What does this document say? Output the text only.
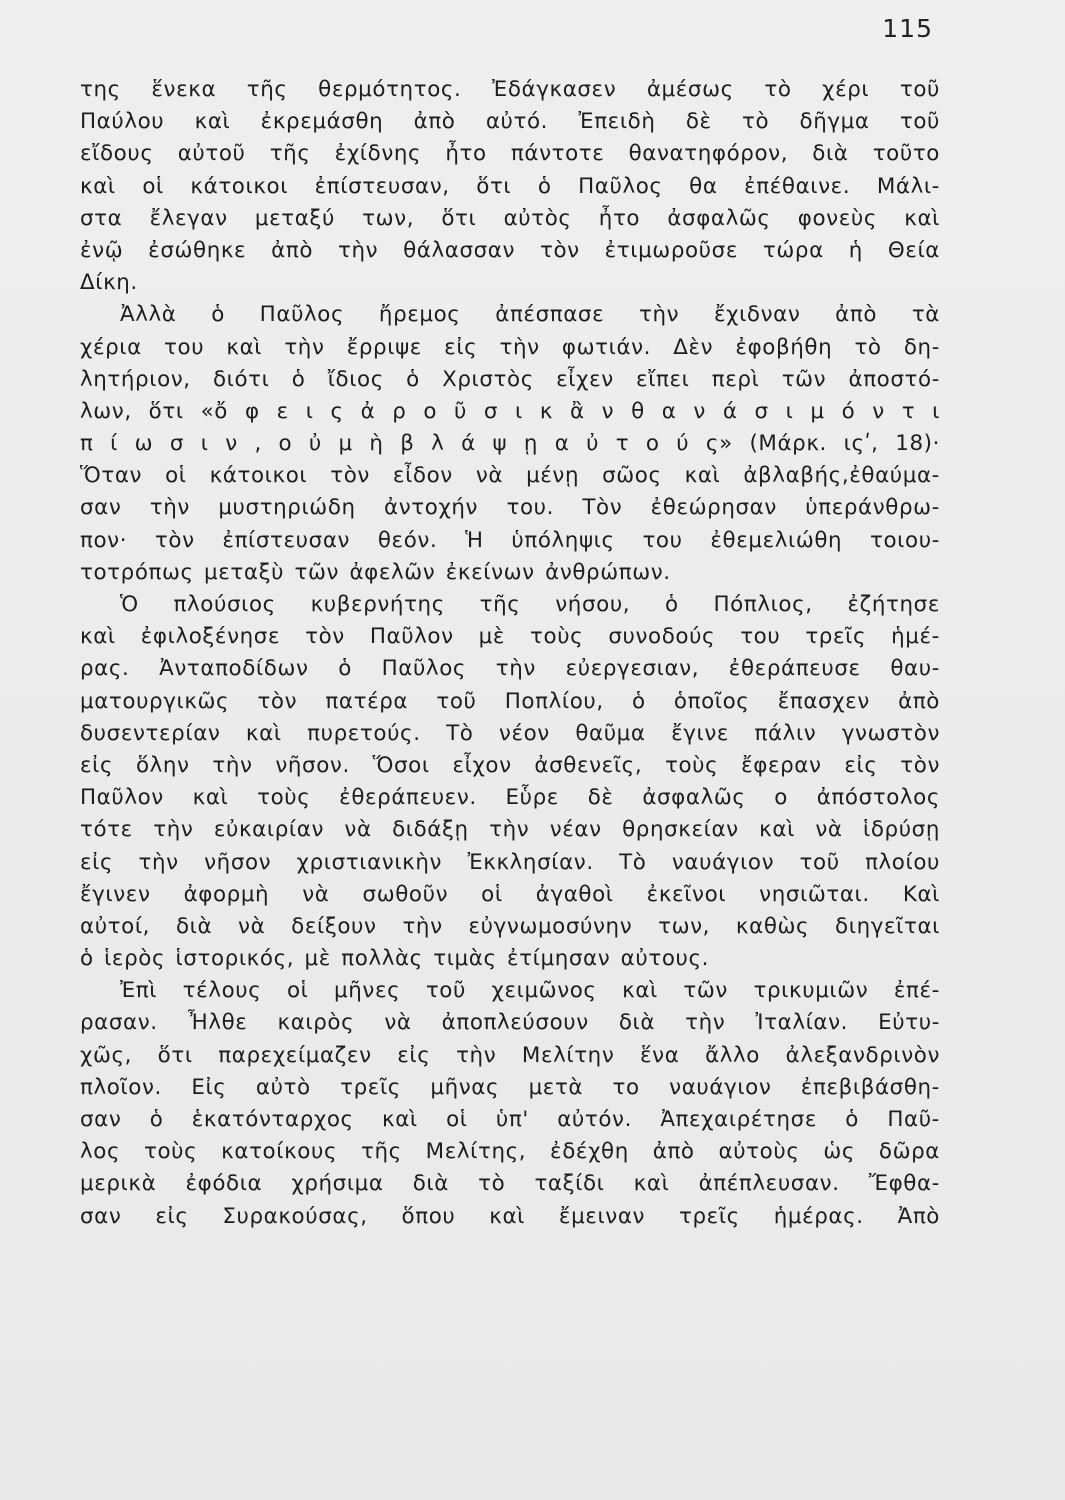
115
της ἕνεκα τῆς θερμότητος. Ἐδάγκασεν ἀμέσως τὸ χέρι τοῦ
Παύλου καὶ ἐκρεμάσθη ἀπὸ αὐτό. Ἐπειδὴ δὲ τὸ δῆγμα τοῦ
εἴδους αὐτοῦ τῆς ἐχίδνης ἦτο πάντοτε θανατηφόρον, διὰ τοῦτο
καὶ οἱ κάτοικοι ἐπίστευσαν, ὅτι ὁ Παῦλος θα ἐπέθαινε. Μάλι-
στα ἔλεγαν μεταξύ των, ὅτι αὐτὸς ἦτο ἀσφαλῶς φονεὺς καὶ
ἐνῷ ἐσώθηκε ἀπὸ τὴν θάλασσαν τὸν ἐτιμωροῦσε τώρα ἡ Θεία
Δίκη.
Ἀλλὰ ὁ Παῦλος ἤρεμος ἀπέσπασε τὴν ἔχιδναν ἀπὸ τὰ
χέρια του καὶ τὴν ἔρριψε εἰς τὴν φωτιάν. Δὲν ἐφοβήθη τὸ δη-
λητήριον, διότι ὁ ἴδιος ὁ Χριστὸς εἶχεν εἴπει περὶ τῶν ἀποστό-
λων, ὅτι «ὄ φ ε ι ς ἀ ρ ο ῦ σ ι κ ἂ ν θ α ν ά σ ι μ ό ν τ ι
π ί ω σ ι ν , ο ὐ μ ὴ β λ ά ψ ῃ α ὐ τ ο ύ ς» (Μάρκ. ιςʹ, 18)·
Ὅταν οἱ κάτοικοι τὸν εἶδον νὰ μένῃ σῶος καὶ ἀβλαβής,ἐθαύμα-
σαν τὴν μυστηριώδη ἀντοχήν του. Τὸν ἐθεώρησαν ὑπεράνθρω-
πον· τὸν ἐπίστευσαν θεόν. Ἡ ὑπόληψις του ἐθεμελιώθη τοιου-
τοτρόπως μεταξὺ τῶν ἀφελῶν ἐκείνων ἀνθρώπων.
Ὁ πλούσιος κυβερνήτης τῆς νήσου, ὁ Πόπλιος, ἐζήτησε
καὶ ἐφιλοξένησε τὸν Παῦλον μὲ τοὺς συνοδούς του τρεῖς ἡμέ-
ρας. Ἀνταποδίδων ὁ Παῦλος τὴν εὐεργεσιαν, ἐθεράπευσε θαυ-
ματουργικῶς τὸν πατέρα τοῦ Ποπλίου, ὁ ὁποῖος ἔπασχεν ἀπὸ
δυσεντερίαν καὶ πυρετούς. Τὸ νέον θαῦμα ἔγινε πάλιν γνωστὸν
εἰς ὅλην τὴν νῆσον. Ὅσοι εἶχον ἀσθενεῖς, τοὺς ἔφεραν εἰς τὸν
Παῦλον καὶ τοὺς ἐθεράπευεν. Εὗρε δὲ ἀσφαλῶς ο ἀπόστολος
τότε τὴν εὐκαιρίαν νὰ διδάξῃ τὴν νέαν θρησκείαν καὶ νὰ ἱδρύσῃ
εἰς τὴν νῆσον χριστιανικὴν Ἐκκλησίαν. Τὸ ναυάγιον τοῦ πλοίου
ἔγινεν ἀφορμὴ νὰ σωθοῦν οἱ ἀγαθοὶ ἐκεῖνοι νησιῶται. Καὶ
αὐτοί, διὰ νὰ δείξουν τὴν εὐγνωμοσύνην των, καθὼς διηγεῖται
ὁ ἱερὸς ἱστορικός, μὲ πολλὰς τιμὰς ἐτίμησαν αὐτους.
Ἐπὶ τέλους οἱ μῆνες τοῦ χειμῶνος καὶ τῶν τρικυμιῶν ἐπέ-
ρασαν. Ἦλθε καιρὸς νὰ ἀποπλεύσουν διὰ τὴν Ἰταλίαν. Εὐτυ-
χῶς, ὅτι παρεχείμαζεν εἰς τὴν Μελίτην ἕνα ἄλλο ἀλεξανδρινὸν
πλοῖον. Εἰς αὐτὸ τρεῖς μῆνας μετὰ το ναυάγιον ἐπεβιβάσθη-
σαν ὁ ἑκατόνταρχος καὶ οἱ ὑπ' αὐτόν. Ἀπεχαιρέτησε ὁ Παῦ-
λος τοὺς κατοίκους τῆς Μελίτης, ἐδέχθη ἀπὸ αὐτοὺς ὡς δῶρα
μερικὰ ἐφόδια χρήσιμα διὰ τὸ ταξίδι καὶ ἀπέπλευσαν. Ἔφθα-
σαν εἰς Συρακούσας, ὅπου καὶ ἔμειναν τρεῖς ἡμέρας. Ἀπὸ
